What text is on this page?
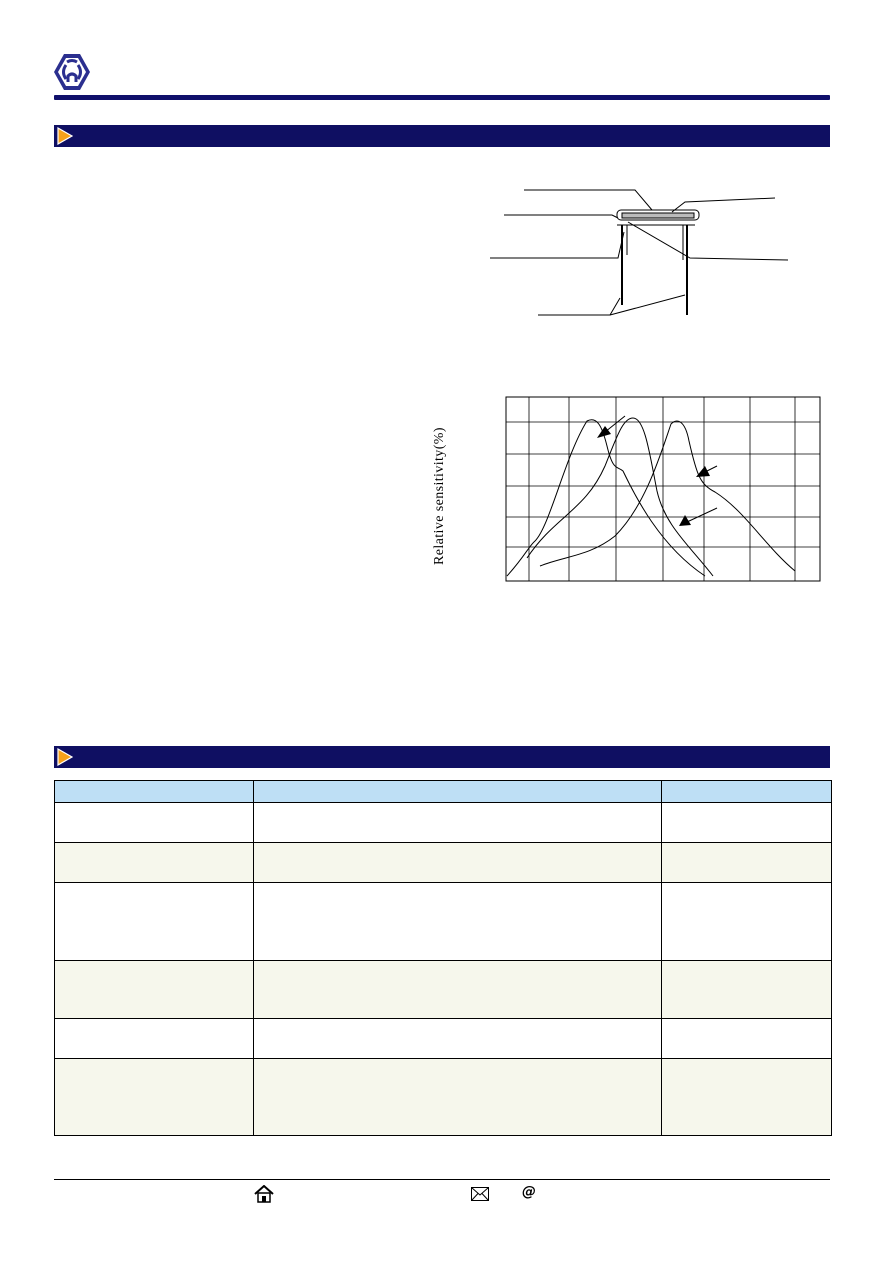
Relative sensitivity(%)

@
